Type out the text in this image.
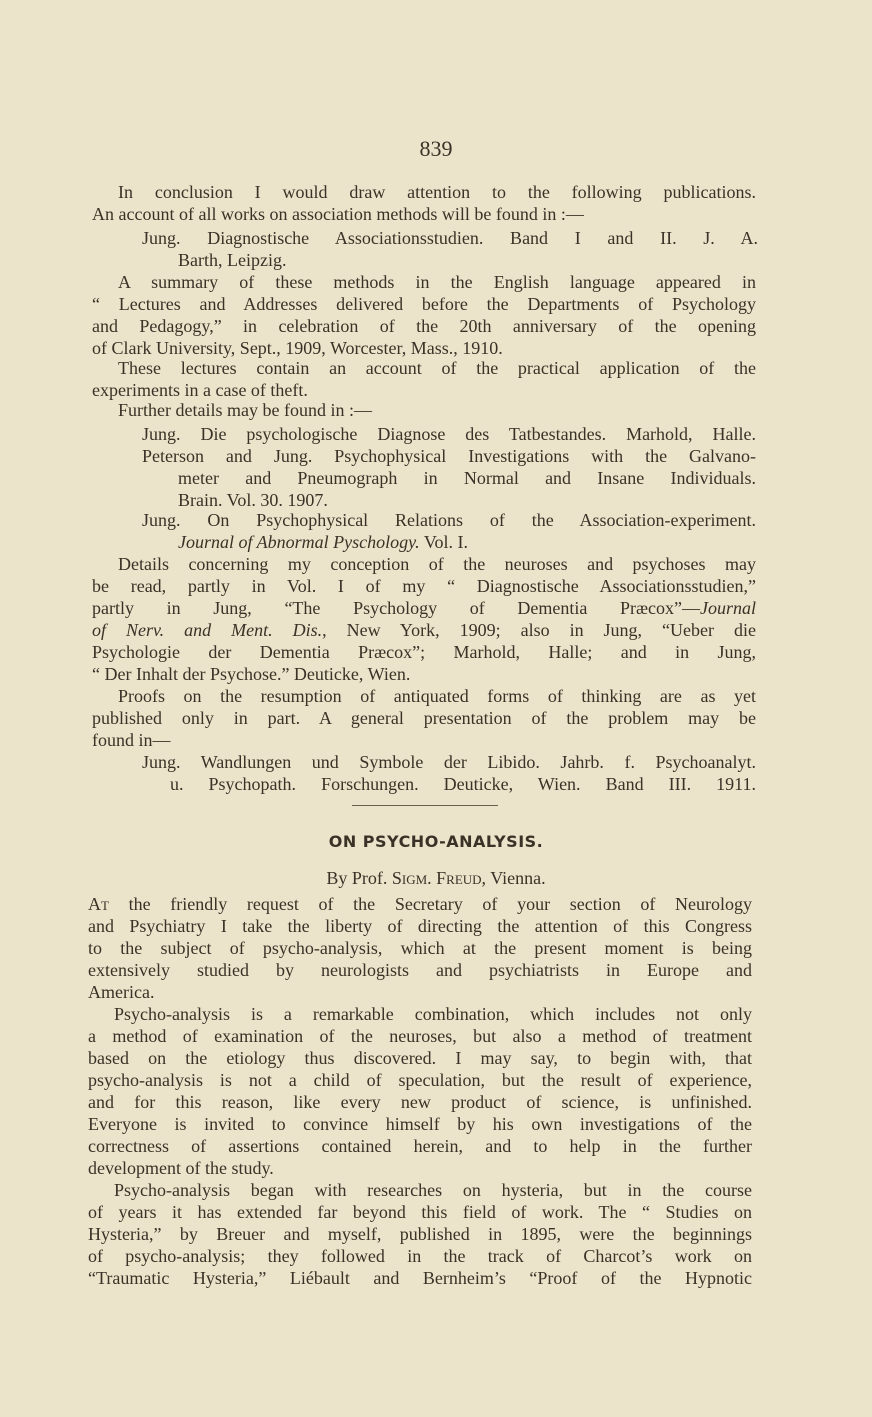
839
In conclusion I would draw attention to the following publications.
An account of all works on association methods will be found in :—
Jung. Diagnostische Associationsstudien. Band I and II. J. A.
Barth, Leipzig.
A summary of these methods in the English language appeared in
“ Lectures and Addresses delivered before the Departments of Psychology
and Pedagogy,” in celebration of the 20th anniversary of the opening
of Clark University, Sept., 1909, Worcester, Mass., 1910.
These lectures contain an account of the practical application of the
experiments in a case of theft.
Further details may be found in :—
Jung. Die psychologische Diagnose des Tatbestandes. Marhold, Halle.
Peterson and Jung. Psychophysical Investigations with the Galvano-
meter and Pneumograph in Normal and Insane Individuals.
Brain. Vol. 30. 1907.
Jung. On Psychophysical Relations of the Association-experiment.
Journal of Abnormal Pyschology. Vol. I.
Details concerning my conception of the neuroses and psychoses may
be read, partly in Vol. I of my “ Diagnostische Associationsstudien,”
partly in Jung, “The Psychology of Dementia Præcox”—Journal
of Nerv. and Ment. Dis., New York, 1909; also in Jung, “Ueber die
Psychologie der Dementia Præcox”; Marhold, Halle; and in Jung,
“ Der Inhalt der Psychose.” Deuticke, Wien.
Proofs on the resumption of antiquated forms of thinking are as yet
published only in part. A general presentation of the problem may be
found in—
Jung. Wandlungen und Symbole der Libido. Jahrb. f. Psychoanalyt.
u. Psychopath. Forschungen. Deuticke, Wien. Band III. 1911.
ON PSYCHO-ANALYSIS.
By Prof. Sigm. Freud, Vienna.
At the friendly request of the Secretary of your section of Neurology
and Psychiatry I take the liberty of directing the attention of this Congress
to the subject of psycho-analysis, which at the present moment is being
extensively studied by neurologists and psychiatrists in Europe and
America.
Psycho-analysis is a remarkable combination, which includes not only
a method of examination of the neuroses, but also a method of treatment
based on the etiology thus discovered. I may say, to begin with, that
psycho-analysis is not a child of speculation, but the result of experience,
and for this reason, like every new product of science, is unfinished.
Everyone is invited to convince himself by his own investigations of the
correctness of assertions contained herein, and to help in the further
development of the study.
Psycho-analysis began with researches on hysteria, but in the course
of years it has extended far beyond this field of work. The “ Studies on
Hysteria,” by Breuer and myself, published in 1895, were the beginnings
of psycho-analysis; they followed in the track of Charcot’s work on
“Traumatic Hysteria,” Liébault and Bernheim’s “Proof of the Hypnotic
